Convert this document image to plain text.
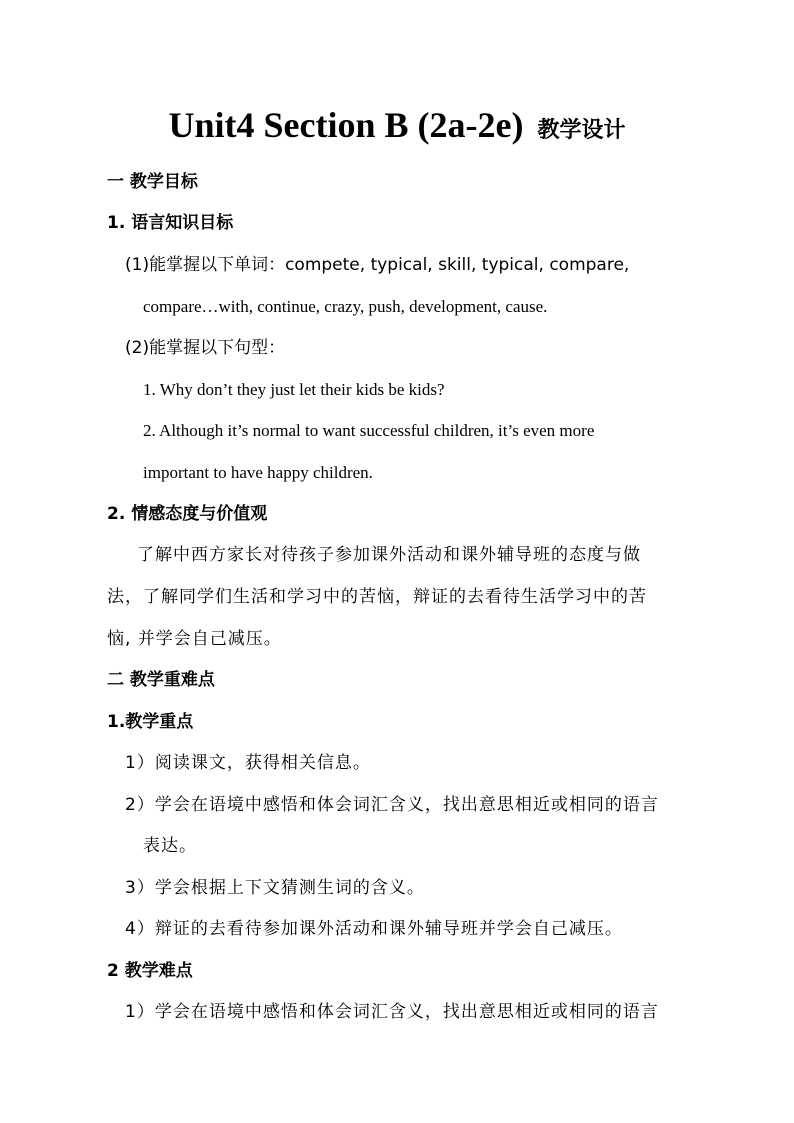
Unit4 Section B (2a-2e) 教学设计
一 教学目标
1. 语言知识目标
(1)能掌握以下单词：compete, typical, skill, typical, compare,
compare…with, continue, crazy, push, development, cause.
(2)能掌握以下句型：
1. Why don’t they just let their kids be kids?
2. Although it’s normal to want successful children, it’s even more
important to have happy children.
2. 情感态度与价值观
了解中西方家长对待孩子参加课外活动和课外辅导班的态度与做
法，了解同学们生活和学习中的苦恼，辩证的去看待生活学习中的苦
恼, 并学会自己减压。
二 教学重难点
1.教学重点
1）阅读课文，获得相关信息。
2）学会在语境中感悟和体会词汇含义，找出意思相近或相同的语言
表达。
3）学会根据上下文猜测生词的含义。
4）辩证的去看待参加课外活动和课外辅导班并学会自己减压。
2 教学难点
1）学会在语境中感悟和体会词汇含义，找出意思相近或相同的语言
